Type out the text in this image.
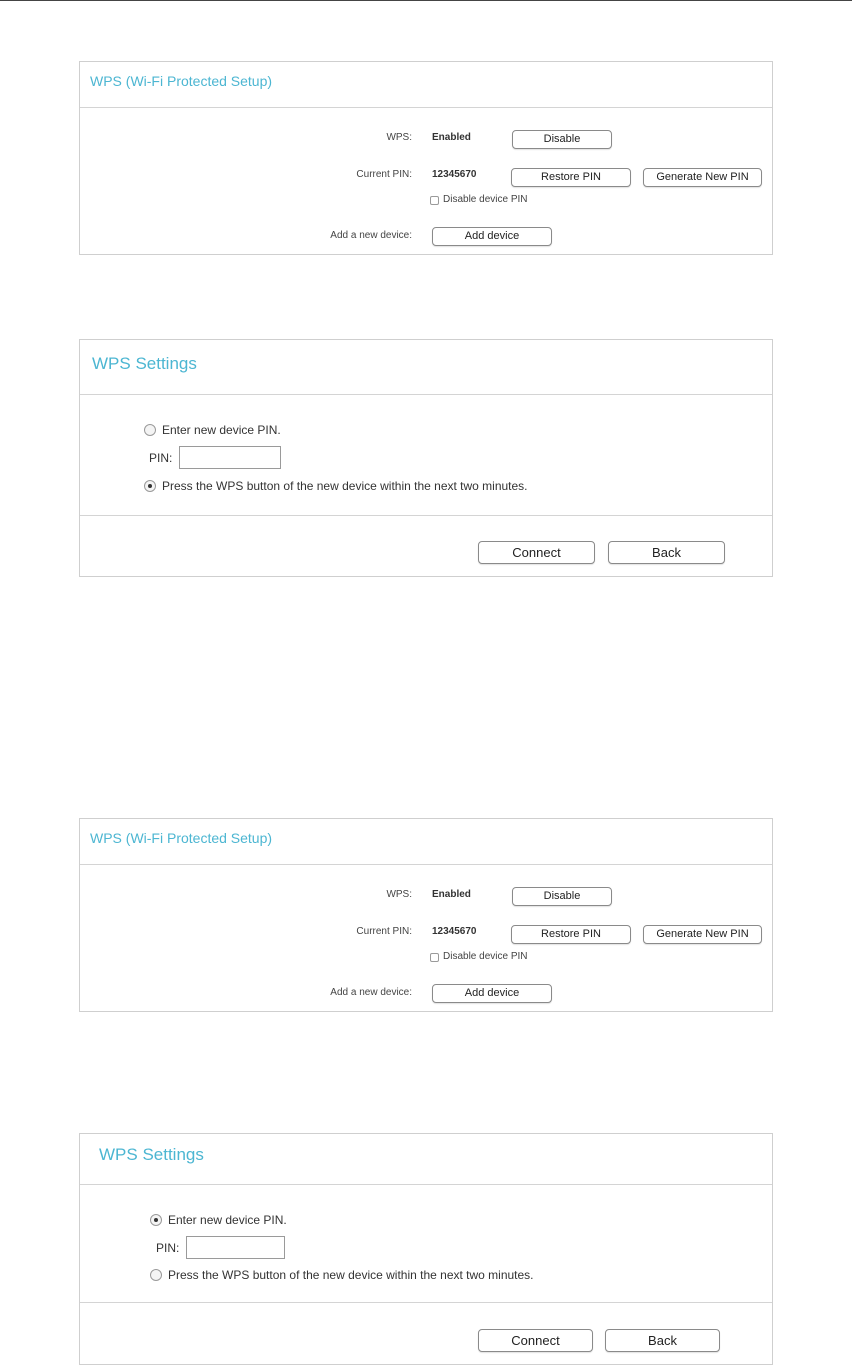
WPS (Wi-Fi Protected Setup)
WPS: Enabled	Disable
Current PIN: 12345670	Restore PIN	Generate New PIN
Disable device PIN
Add a new device:	Add device
WPS Settings
Enter new device PIN.
PIN:
Press the WPS button of the new device within the next two minutes.
Connect	Back
WPS (Wi-Fi Protected Setup)
WPS: Enabled	Disable
Current PIN: 12345670	Restore PIN	Generate New PIN
Disable device PIN
Add a new device:	Add device
WPS Settings
Enter new device PIN.
PIN:
Press the WPS button of the new device within the next two minutes.
Connect	Back
